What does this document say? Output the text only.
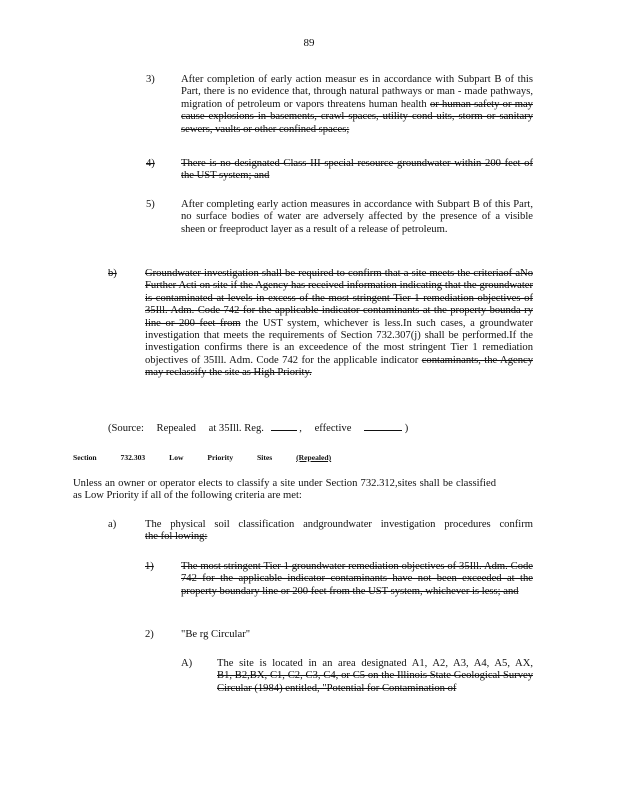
89
3) After completion of early action measur es in accordance with Subpart B of this Part, there is no evidence that, through natural pathways or man - made pathways, migration of petroleum or vapors threatens human health or human safety or may cause explosions in basements, crawl spaces, utility cond uits, storm or sanitary sewers, vaults or other confined spaces;
4) There is no designated Class III special resource groundwater within 200 feet of the UST system; and
5) After completing early action measures in accordance with Subpart B of this Part, no surface bodies of water are adversely affected by the presence of a visible sheen or freeproduct layer as a result of a release of petroleum.
b)	Groundwater investigation shall be required to confirm that a site meets the criteriaof aNo Further Acti on site if the Agency has received information indicating that the groundwater is contaminated at levels in excess of the most stringent Tier 1 remediation objectives of 35Ill. Adm. Code 742 for the applicable indicator contaminants at the property bounda ry line or 200 feet from the UST system, whichever is less.In such cases, a groundwater investigation that meets the requirements of Section 732.307(j) shall be performed.If the investigation confirms there is an exceedence of the most stringent Tier 1 remediation objectives of 35Ill. Adm. Code 742 for the applicable indicator contaminants, the Agency may reclassify the site as High Priority.
(Source: Repealed at 35Ill. Reg.	, effective	)
Section	732.303	Low	Priority	Sites	(Repealed)
Unless an owner or operator elects to classify a site under Section 732.312,sites shall be classified as Low Priority if all of the following criteria are met:
a)	The physical soil classification andgroundwater investigation procedures confirm
the fol lowing:
1)	The most stringent Tier 1 groundwater remediation objectives of 35Ill. Adm. Code 742 for the applicable indicator contaminants have not been exceeded at the property boundary line or 200 feet from the UST system, whichever is less; and
2)	"Be rg Circular"
A) The site is located in an area designated A1, A2, A3, A4, A5, AX,
B1, B2,BX, C1, C2, C3, C4, or C5 on the Illinois State Geological Survey Circular (1984) entitled, "Potential for Contamination of
